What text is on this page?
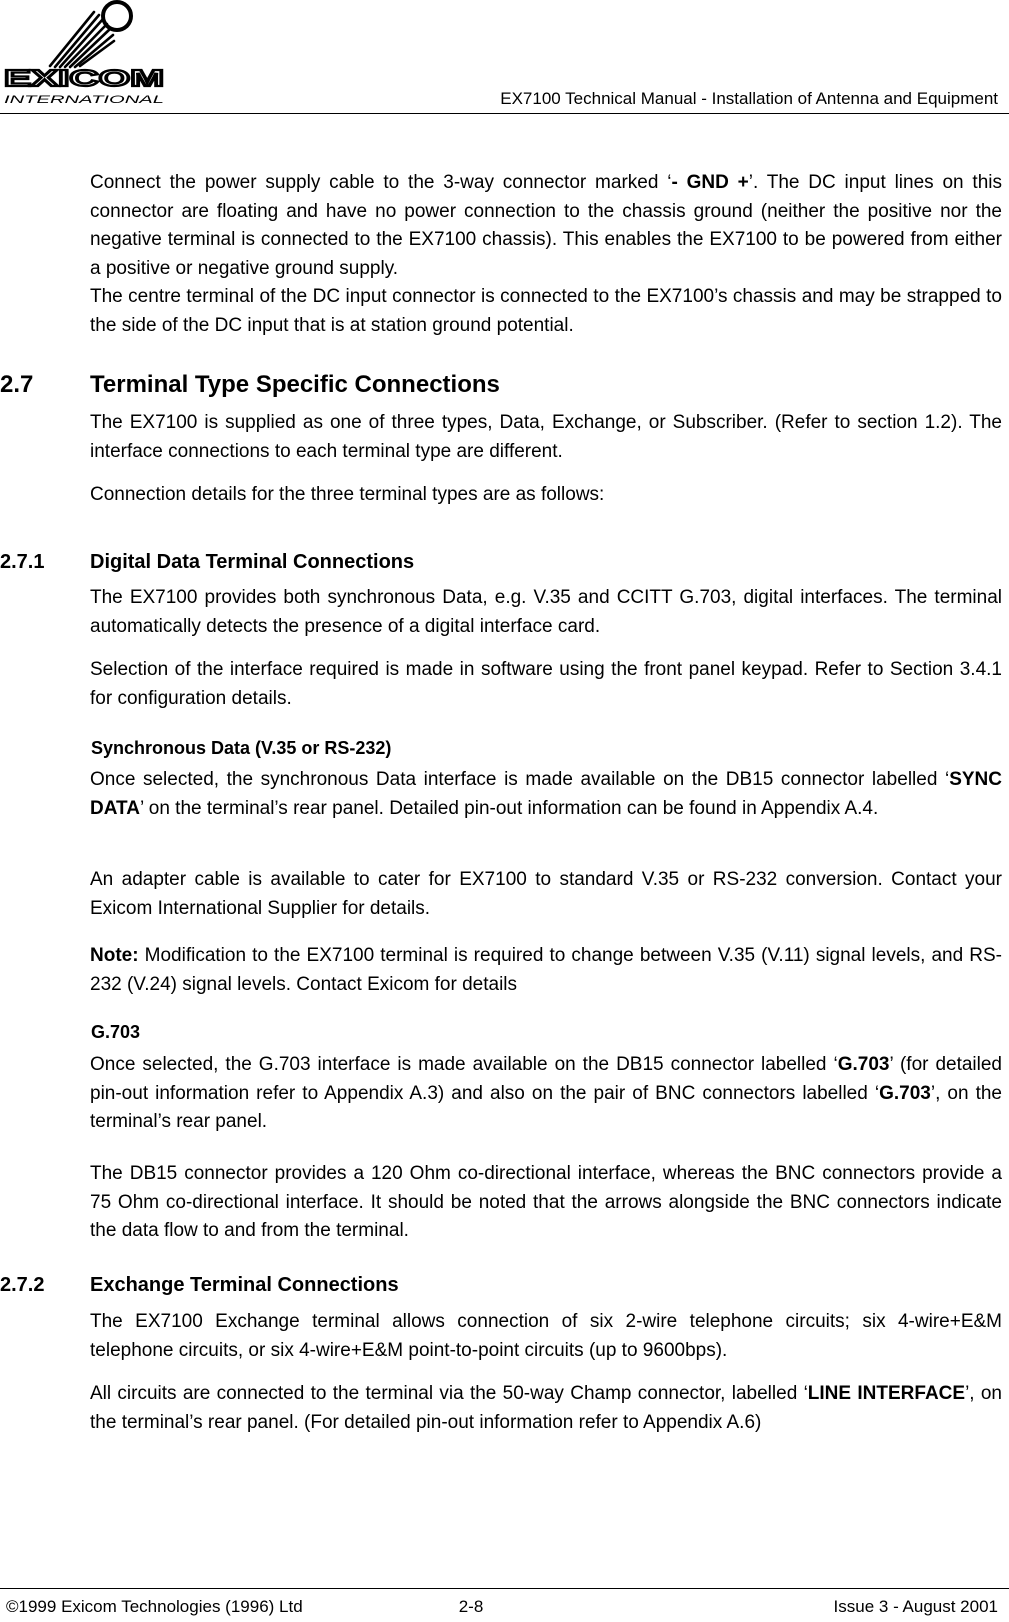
EXICOM
INTERNATIONAL	EX7100 Technical Manual - Installation of Antenna and Equipment

Connect the power supply cable to the 3-way connector marked ‘- GND +’. The DC input lines on this connector are floating and have no power connection to the chassis ground (neither the positive nor the negative terminal is connected to the EX7100 chassis). This enables the EX7100 to be powered from either a positive or negative ground supply.

The centre terminal of the DC input connector is connected to the EX7100’s chassis and may be strapped to the side of the DC input that is at station ground potential.

2.7 Terminal Type Specific Connections

The EX7100 is supplied as one of three types, Data, Exchange, or Subscriber. (Refer to section 1.2). The interface connections to each terminal type are different.

Connection details for the three terminal types are as follows:

2.7.1 Digital Data Terminal Connections

The EX7100 provides both synchronous Data, e.g. V.35 and CCITT G.703, digital interfaces. The terminal automatically detects the presence of a digital interface card.

Selection of the interface required is made in software using the front panel keypad. Refer to Section 3.4.1 for configuration details.

Synchronous Data (V.35 or RS-232)

Once selected, the synchronous Data interface is made available on the DB15 connector labelled ‘SYNC DATA’ on the terminal’s rear panel. Detailed pin-out information can be found in Appendix A.4.

An adapter cable is available to cater for EX7100 to standard V.35 or RS-232 conversion. Contact your Exicom International Supplier for details.

Note: Modification to the EX7100 terminal is required to change between V.35 (V.11) signal levels, and RS-232 (V.24) signal levels. Contact Exicom for details

G.703

Once selected, the G.703 interface is made available on the DB15 connector labelled ‘G.703’ (for detailed pin-out information refer to Appendix A.3) and also on the pair of BNC connectors labelled ‘G.703’, on the terminal’s rear panel.

The DB15 connector provides a 120 Ohm co-directional interface, whereas the BNC connectors provide a 75 Ohm co-directional interface. It should be noted that the arrows alongside the BNC connectors indicate the data flow to and from the terminal.

2.7.2 Exchange Terminal Connections

The EX7100 Exchange terminal allows connection of six 2-wire telephone circuits; six 4-wire+E&M telephone circuits, or six 4-wire+E&M point-to-point circuits (up to 9600bps).

All circuits are connected to the terminal via the 50-way Champ connector, labelled ‘LINE INTERFACE’, on the terminal’s rear panel. (For detailed pin-out information refer to Appendix A.6)

©1999 Exicom Technologies (1996) Ltd	2-8	Issue 3 - August 2001
